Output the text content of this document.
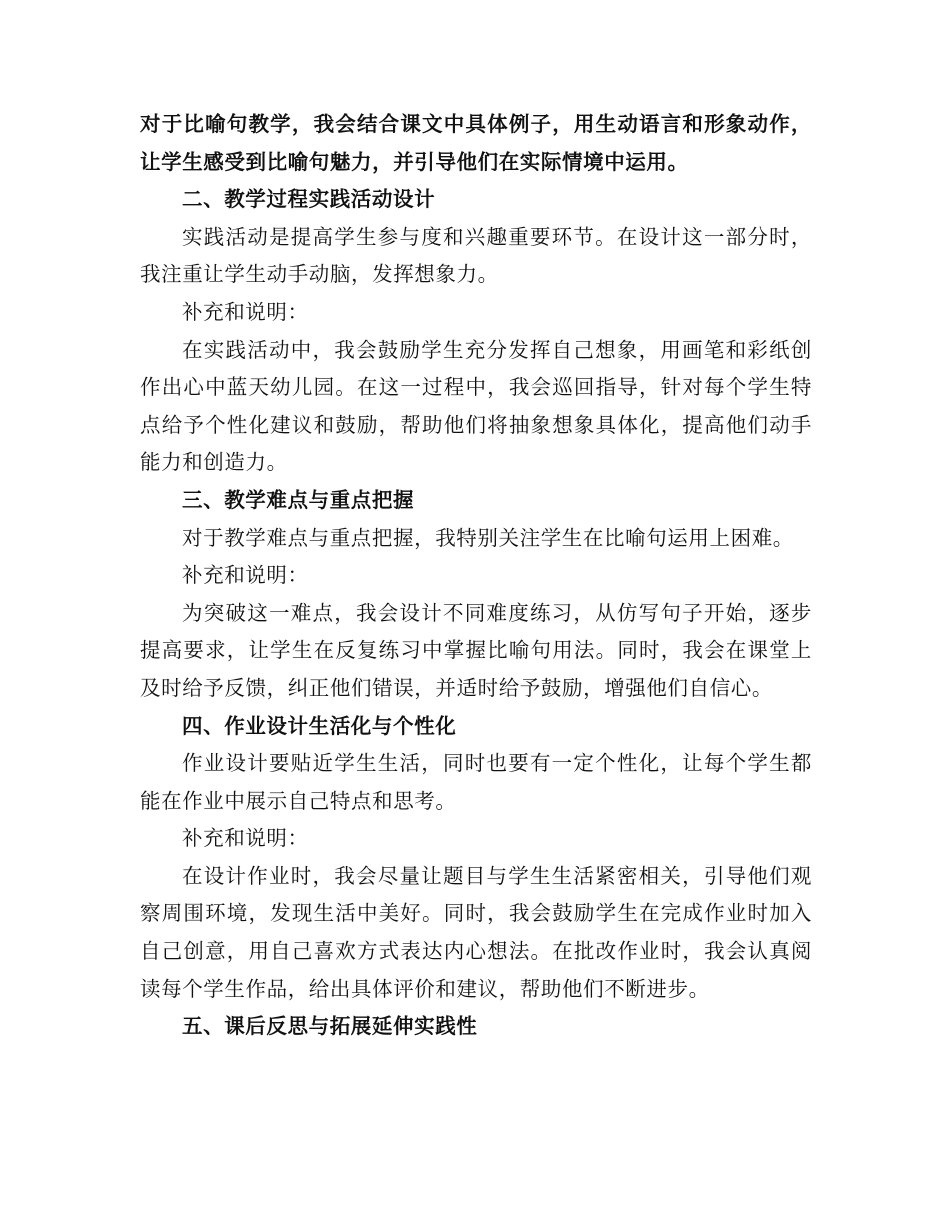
对于比喻句教学，我会结合课文中具体例子，用生动语言和形象动作，让学生感受到比喻句魅力，并引导他们在实际情境中运用。

二、教学过程实践活动设计

实践活动是提高学生参与度和兴趣重要环节。在设计这一部分时，我注重让学生动手动脑，发挥想象力。

补充和说明：

在实践活动中，我会鼓励学生充分发挥自己想象，用画笔和彩纸创作出心中蓝天幼儿园。在这一过程中，我会巡回指导，针对每个学生特点给予个性化建议和鼓励，帮助他们将抽象想象具体化，提高他们动手能力和创造力。

三、教学难点与重点把握

对于教学难点与重点把握，我特别关注学生在比喻句运用上困难。

补充和说明：

为突破这一难点，我会设计不同难度练习，从仿写句子开始，逐步提高要求，让学生在反复练习中掌握比喻句用法。同时，我会在课堂上及时给予反馈，纠正他们错误，并适时给予鼓励，增强他们自信心。

四、作业设计生活化与个性化

作业设计要贴近学生生活，同时也要有一定个性化，让每个学生都能在作业中展示自己特点和思考。

补充和说明：

在设计作业时，我会尽量让题目与学生生活紧密相关，引导他们观察周围环境，发现生活中美好。同时，我会鼓励学生在完成作业时加入自己创意，用自己喜欢方式表达内心想法。在批改作业时，我会认真阅读每个学生作品，给出具体评价和建议，帮助他们不断进步。

五、课后反思与拓展延伸实践性
